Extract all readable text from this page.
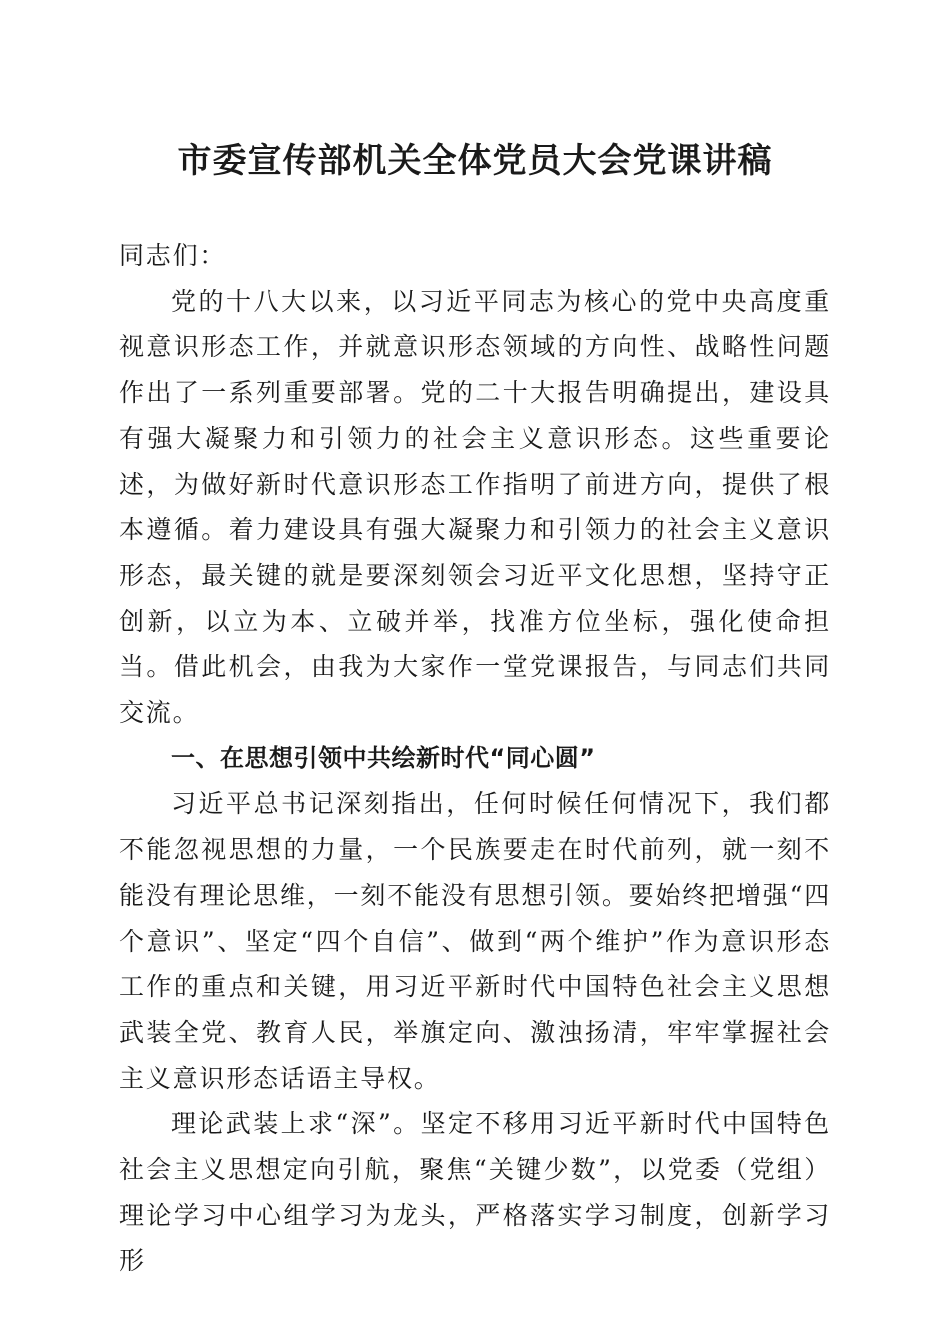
市委宣传部机关全体党员大会党课讲稿

同志们：

党的十八大以来，以习近平同志为核心的党中央高度重视意识形态工作，并就意识形态领域的方向性、战略性问题作出了一系列重要部署。党的二十大报告明确提出，建设具有强大凝聚力和引领力的社会主义意识形态。这些重要论述，为做好新时代意识形态工作指明了前进方向，提供了根本遵循。着力建设具有强大凝聚力和引领力的社会主义意识形态，最关键的就是要深刻领会习近平文化思想，坚持守正创新，以立为本、立破并举，找准方位坐标，强化使命担当。借此机会，由我为大家作一堂党课报告，与同志们共同交流。

一、在思想引领中共绘新时代“同心圆”

习近平总书记深刻指出，任何时候任何情况下，我们都不能忽视思想的力量，一个民族要走在时代前列，就一刻不能没有理论思维，一刻不能没有思想引领。要始终把增强“四个意识”、坚定“四个自信”、做到“两个维护”作为意识形态工作的重点和关键，用习近平新时代中国特色社会主义思想武装全党、教育人民，举旗定向、激浊扬清，牢牢掌握社会主义意识形态话语主导权。

理论武装上求“深”。坚定不移用习近平新时代中国特色社会主义思想定向引航，聚焦“关键少数”，以党委（党组）理论学习中心组学习为龙头，严格落实学习制度，创新学习形
